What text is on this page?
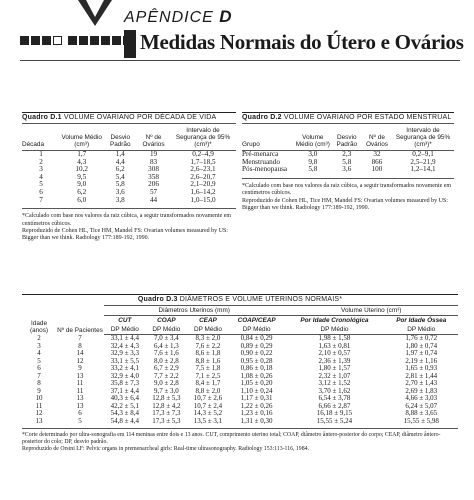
APÊNDICE D
Medidas Normais do Útero e Ovários
Quadro D.1 VOLUME OVARIANO POR DÉCADA DE VIDA
Década	Volume Médio (cm³)	Desvio Padrão	Nº de Ovários	Intervalo de Segurança de 95% (cm³)*
1	1,7	1,4	19	0,2–4,9
2	4,3	4,4	83	1,7–18,5
3	10,2	6,2	308	2,6–23,1
4	9,5	5,4	358	2,6–20,7
5	9,0	5,8	206	2,1–20,9
6	6,2	3,6	57	1,6–14,2
7	6,0	3,8	44	1,0–15,0
*Calculado com base nos valores da raiz cúbica, a seguir transformados novamente em centímetros cúbicos.
Reproduzido de Cohen HL, Tice HM, Mandel FS: Ovarian volumes measured by US: Bigger than we think. Radiology 177:189-192, 1990.
Quadro D.2 VOLUME OVARIANO POR ESTADO MENSTRUAL
Grupo	Volume Médio (cm³)	Desvio Padrão	Nº de Ovários	Intervalo de Segurança de 95% (cm³)*
Pré-menarca	3,0	2,3	32	0,2–9,1
Menstruando	9,8	5,8	866	2,5–21,9
Pós-menopausa	5,8	3,6	100	1,2–14,1
*Calculado com base nos valores da raiz cúbica, a seguir transformados novamente em centímetros cúbicos.
Reproduzido de Cohen HL, Tice HM, Mandel FS: Ovarian volumes measured by US: Bigger than we think. Radiology 177:189-192, 1990.
Quadro D.3 DIÂMETROS E VOLUME UTERINOS NORMAIS*
Idade (anos)	Nº de Pacientes	Diâmetros Uterinos (mm)				Volume Uterino (cm³)	
		CUT	COAP	CEAP	COAP/CEAP	Por Idade Cronológica	Por Idade Óssea
		DP Médio	DP Médio	DP Médio	DP Médio	DP Médio	DP Médio
2	7	33,1 ± 4,4	7,0 ± 3,4	8,3 ± 2,0	0,84 ± 0,29	1,98 ± 1,58	1,76 ± 0,72
3	8	32,4 ± 4,3	6,4 ± 1,3	7,6 ± 2,2	0,89 ± 0,29	1,63 ± 0,81	1,80 ± 0,74
4	14	32,9 ± 3,3	7,6 ± 1,6	8,6 ± 1,8	0,90 ± 0,22	2,10 ± 0,57	1,97 ± 0,74
5	12	33,1 ± 5,5	8,0 ± 2,8	8,8 ± 1,6	0,95 ± 0,28	2,36 ± 1,39	2,19 ± 1,16
6	9	33,2 ± 4,1	6,7 ± 2,9	7,5 ± 1,8	0,86 ± 0,18	1,80 ± 1,57	1,65 ± 0,93
7	13	32,9 ± 4,0	7,7 ± 2,2	7,1 ± 2,5	1,08 ± 0,26	2,32 ± 1,07	2,81 ± 1,44
8	11	35,8 ± 7,3	9,0 ± 2,8	8,4 ± 1,7	1,05 ± 0,20	3,12 ± 1,52	2,70 ± 1,43
9	11	37,1 ± 4,4	9,7 ± 3,0	8,8 ± 2,0	1,10 ± 0,24	3,70 ± 1,62	2,69 ± 1,83
10	13	40,3 ± 6,4	12,8 ± 5,3	10,7 ± 2,6	1,17 ± 0,31	6,54 ± 3,78	4,66 ± 3,03
11	13	42,2 ± 5,1	12,8 ± 4,2	10,7 ± 2,4	1,22 ± 0,26	6,66 ± 2,87	6,24 ± 5,07
12	6	54,3 ± 8,4	17,3 ± 7,3	14,3 ± 5,2	1,23 ± 0,16	16,18 ± 9,15	8,88 ± 3,65
13	5	54,8 ± 4,4	17,3 ± 5,3	13,5 ± 3,1	1,31 ± 0,30	15,55 ± 5,24	15,55 ± 5,98
*Corte determinado por ultra-sonografia em 114 meninas entre dois e 13 anos. CUT, comprimento uterino total; COAP, diâmetro ântero-posterior do corpo; CEAP, diâmetro ântero-posterior do colo; DP, desvio padrão.
Reproduzido de Orsini LF: Pelvic organs in premenarcheal girls: Real-time ultrasonography. Radiology 153:113-116, 1984.
